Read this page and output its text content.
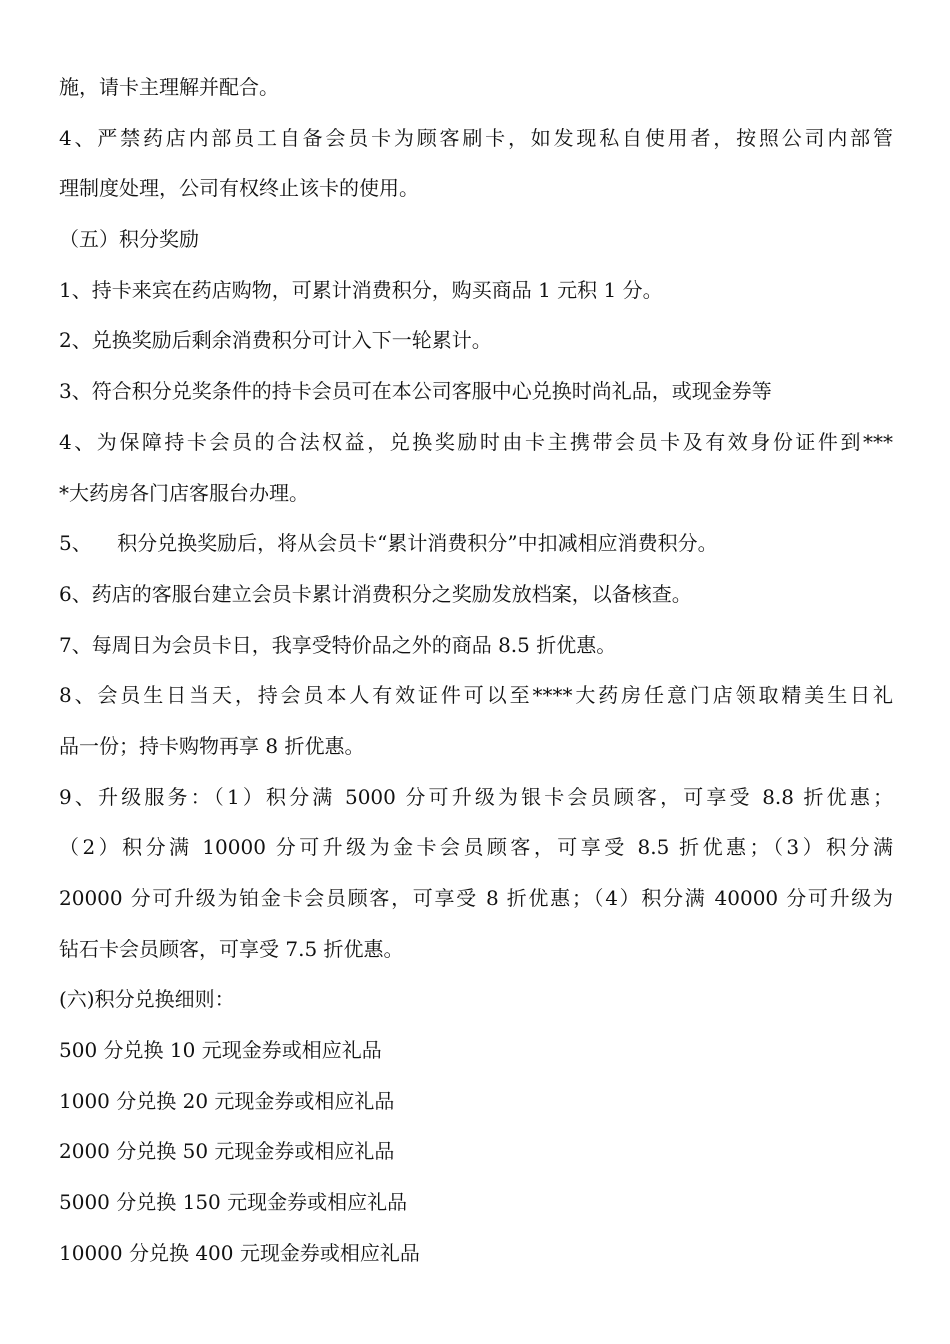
施，请卡主理解并配合。
4、严禁药店内部员工自备会员卡为顾客刷卡，如发现私自使用者，按照公司内部管
理制度处理，公司有权终止该卡的使用。
（五）积分奖励
1、持卡来宾在药店购物，可累计消费积分，购买商品 1 元积 1 分。
2、兑换奖励后剩余消费积分可计入下一轮累计。
3、符合积分兑奖条件的持卡会员可在本公司客服中心兑换时尚礼品，或现金券等
4、为保障持卡会员的合法权益，兑换奖励时由卡主携带会员卡及有效身份证件到***
*大药房各门店客服台办理。
5、    积分兑换奖励后，将从会员卡“累计消费积分”中扣减相应消费积分。
6、药店的客服台建立会员卡累计消费积分之奖励发放档案，以备核查。
7、每周日为会员卡日，我享受特价品之外的商品 8.5 折优惠。
8、会员生日当天，持会员本人有效证件可以至****大药房任意门店领取精美生日礼
品一份；持卡购物再享 8 折优惠。
9、升级服务：（1）积分满 5000 分可升级为银卡会员顾客，可享受 8.8 折优惠；
（2）积分满 10000 分可升级为金卡会员顾客，可享受 8.5 折优惠；（3）积分满
20000 分可升级为铂金卡会员顾客，可享受 8 折优惠；（4）积分满 40000 分可升级为
钻石卡会员顾客，可享受 7.5 折优惠。
(六)积分兑换细则：
500 分兑换 10 元现金券或相应礼品
1000 分兑换 20 元现金券或相应礼品
2000 分兑换 50 元现金券或相应礼品
5000 分兑换 150 元现金券或相应礼品
10000 分兑换 400 元现金券或相应礼品
